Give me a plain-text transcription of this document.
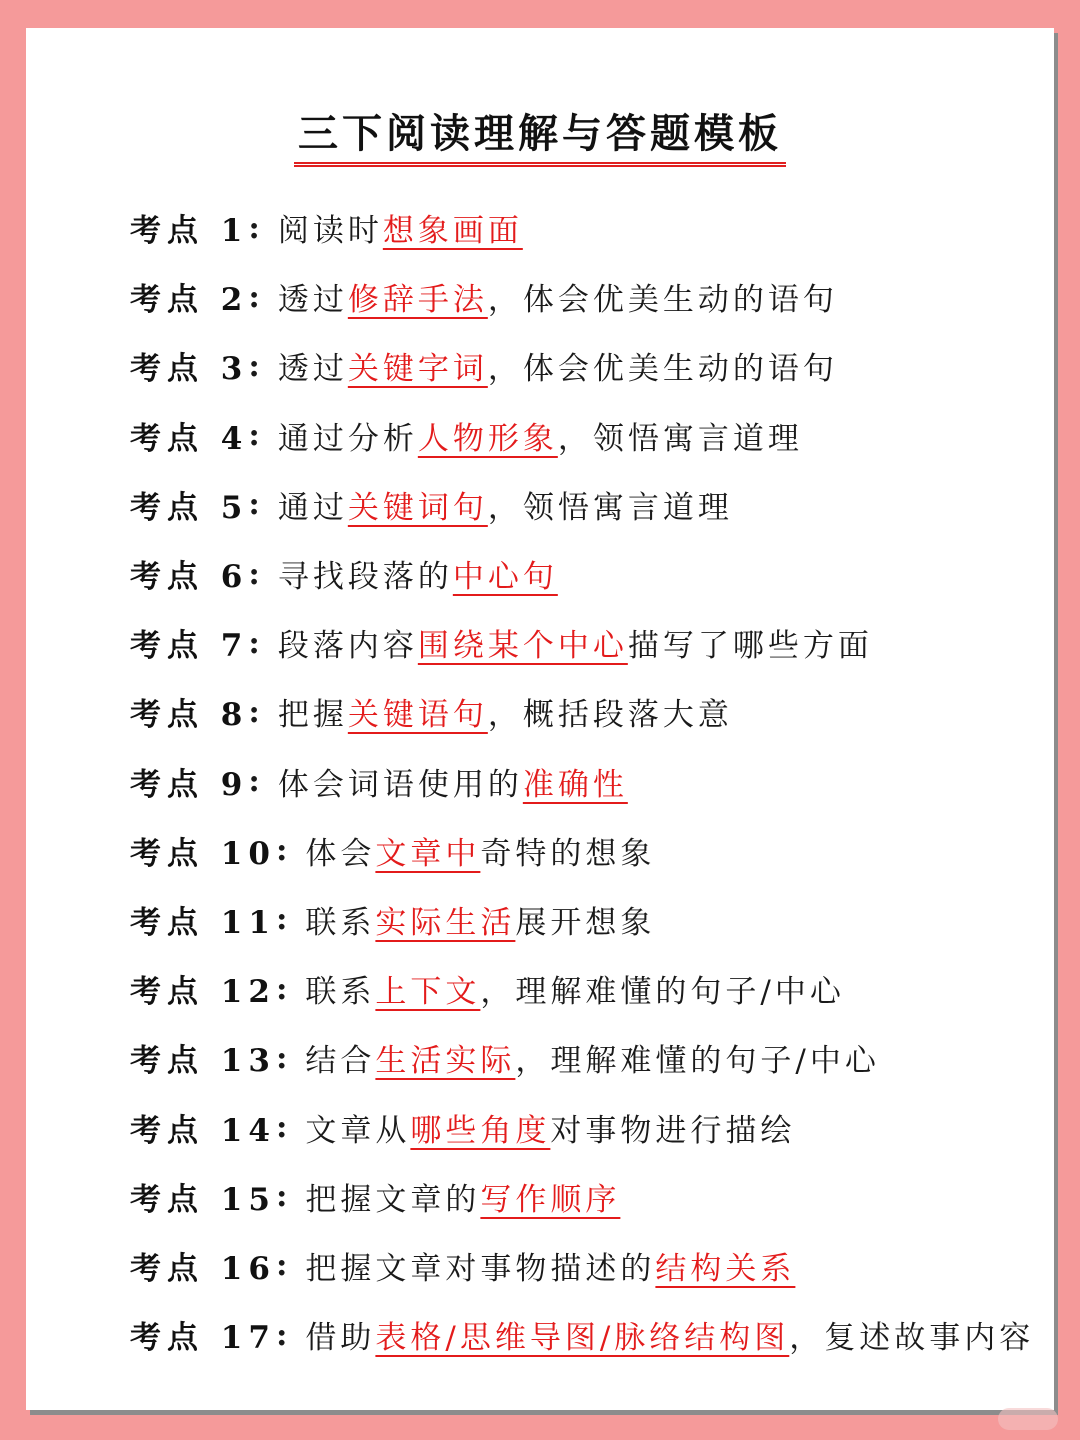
三下阅读理解与答题模板
考点 1 : 阅读时 想象画面
考点 2 : 透过 修辞手法 ，体会优美生动的语句
考点 3 : 透过 关键字词 ，体会优美生动的语句
考点 4 : 通过分析 人物形象 ，领悟寓言道理
考点 5 : 通过 关键词句 ，领悟寓言道理
考点 6 : 寻找段落的 中心句
考点 7 : 段落内容 围绕某个中心 描写了哪些方面
考点 8 : 把握 关键语句 ，概括段落大意
考点 9 : 体会词语使用的 准确性
考点 10 : 体会 文章中 奇特的想象
考点 11 : 联系 实际生活 展开想象
考点 12 : 联系 上下文 ，理解难懂的句子/中心
考点 13 : 结合 生活实际 ，理解难懂的句子/中心
考点 14 : 文章从 哪些角度 对事物进行描绘
考点 15 : 把握文章的 写作顺序
考点 16 : 把握文章对事物描述的 结构关系
考点 17 : 借助 表格/思维导图/脉络结构图 ，复述故事内容
